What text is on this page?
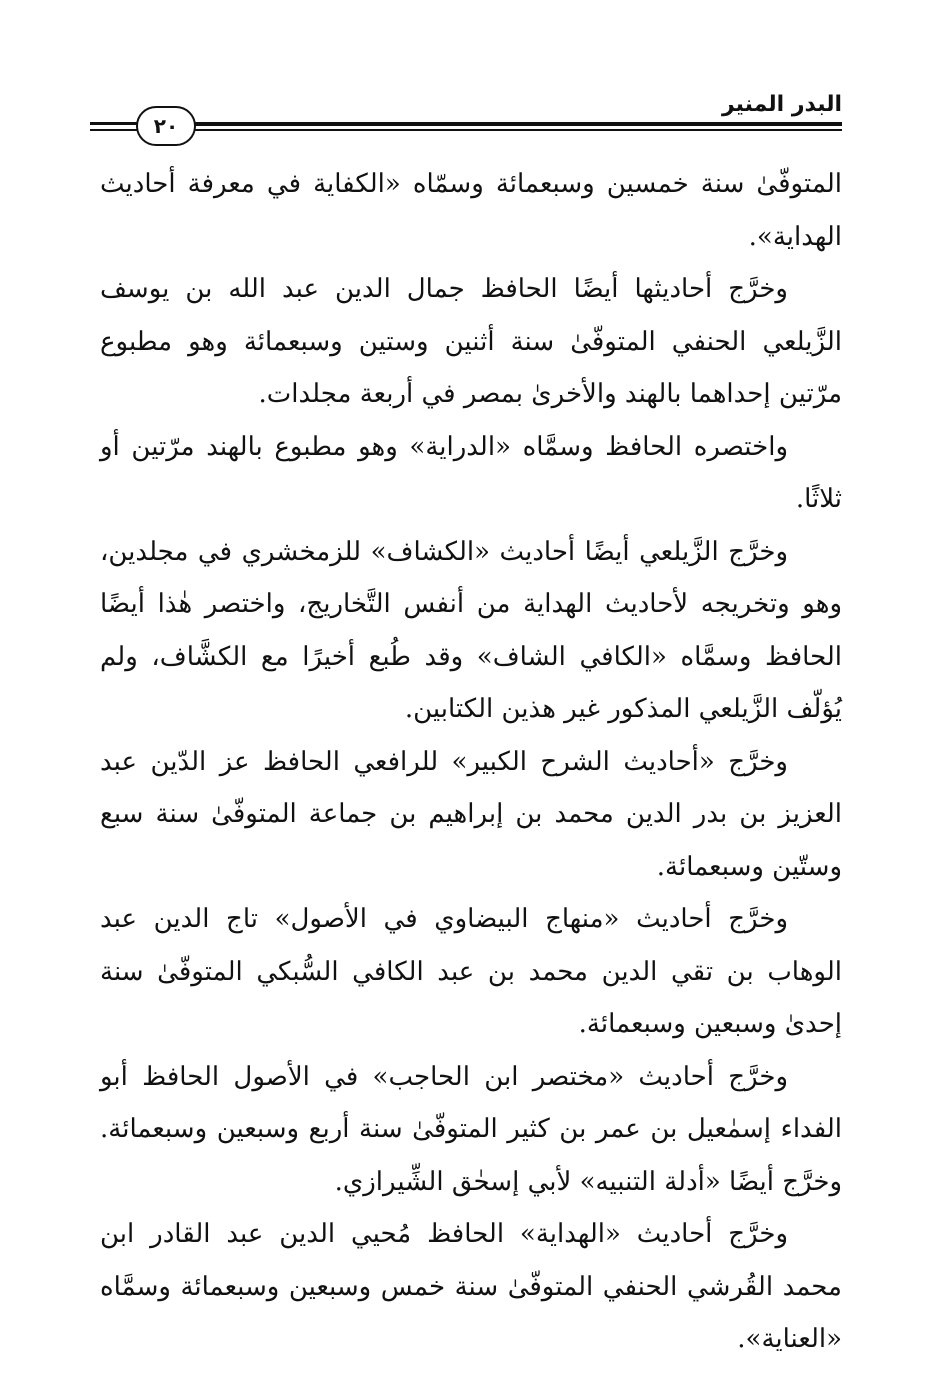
البدر المنير
٢٠

المتوفّىٰ سنة خمسين وسبعمائة وسمّاه «الكفاية في معرفة أحاديث الهداية».

وخرَّج أحاديثها أيضًا الحافظ جمال الدين عبد الله بن يوسف الزَّيلعي الحنفي المتوفّىٰ سنة أثنين وستين وسبعمائة وهو مطبوع مرّتين إحداهما بالهند والأخرىٰ بمصر في أربعة مجلدات.

واختصره الحافظ وسمَّاه «الدراية» وهو مطبوع بالهند مرّتين أو ثلاثًا.

وخرَّج الزَّيلعي أيضًا أحاديث «الكشاف» للزمخشري في مجلدين، وهو وتخريجه لأحاديث الهداية من أنفس التَّخاريج، واختصر هٰذا أيضًا الحافظ وسمَّاه «الكافي الشاف» وقد طُبع أخيرًا مع الكشَّاف، ولم يُؤلّف الزَّيلعي المذكور غير هذين الكتابين.

وخرَّج «أحاديث الشرح الكبير» للرافعي الحافظ عز الدّين عبد العزيز بن بدر الدين محمد بن إبراهيم بن جماعة المتوفّىٰ سنة سبع وستّين وسبعمائة.

وخرَّج أحاديث «منهاج البيضاوي في الأصول» تاج الدين عبد الوهاب بن تقي الدين محمد بن عبد الكافي السُّبكي المتوفّىٰ سنة إحدىٰ وسبعين وسبعمائة.

وخرَّج أحاديث «مختصر ابن الحاجب» في الأصول الحافظ أبو الفداء إسمٰعيل بن عمر بن كثير المتوفّىٰ سنة أربع وسبعين وسبعمائة. وخرَّج أيضًا «أدلة التنبيه» لأبي إسحٰق الشِّيرازي.

وخرَّج أحاديث «الهداية» الحافظ مُحيي الدين عبد القادر ابن محمد القُرشي الحنفي المتوفّىٰ سنة خمس وسبعين وسبعمائة وسمَّاه «العناية».
